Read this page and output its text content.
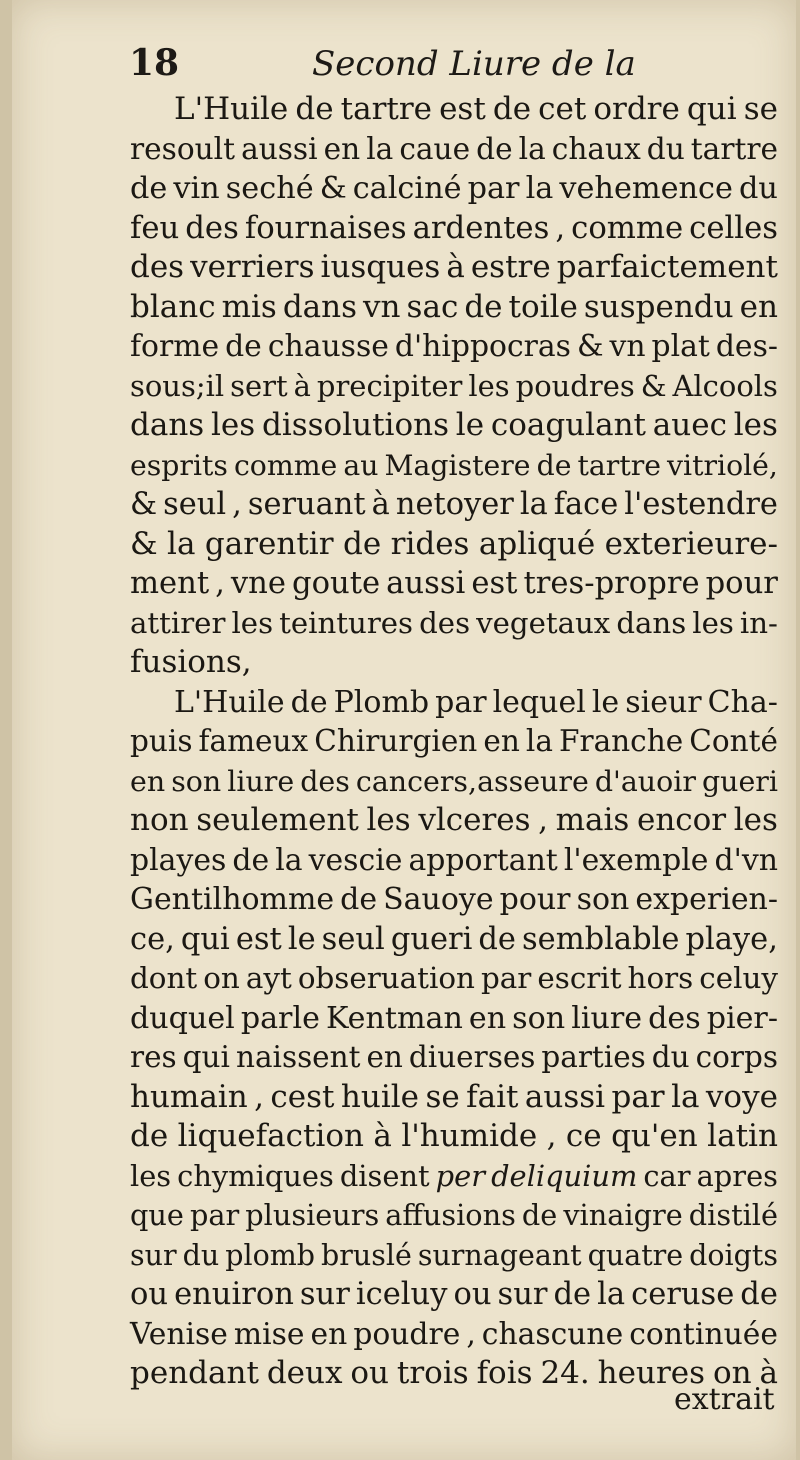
18	Second Liure de la
L'Huile de tartre est de cet ordre qui se
resoult aussi en la caue de la chaux du tartre
de vin seché & calciné par la vehemence du
feu des fournaises ardentes , comme celles
des verriers iusques à estre parfaictement
blanc mis dans vn sac de toile suspendu en
forme de chausse d'hippocras & vn plat des-
sous;il sert à precipiter les poudres & Alcools
dans les dissolutions le coagulant auec les
esprits comme au Magistere de tartre vitriolé,
& seul , seruant à netoyer la face l'estendre
& la garentir de rides apliqué exterieure-
ment , vne goute aussi est tres-propre pour
attirer les teintures des vegetaux dans les in-
fusions,
L'Huile de Plomb par lequel le sieur Cha-
puis fameux Chirurgien en la Franche Conté
en son liure des cancers,asseure d'auoir gueri
non seulement les vlceres , mais encor les
playes de la vescie apportant l'exemple d'vn
Gentilhomme de Sauoye pour son experien-
ce, qui est le seul gueri de semblable playe,
dont on ayt obseruation par escrit hors celuy
duquel parle Kentman en son liure des pier-
res qui naissent en diuerses parties du corps
humain , cest huile se fait aussi par la voye
de liquefaction à l'humide , ce qu'en latin
les chymiques disent per deliquium car apres
que par plusieurs affusions de vinaigre distilé
sur du plomb bruslé surnageant quatre doigts
ou enuiron sur iceluy ou sur de la ceruse de
Venise mise en poudre , chascune continuée
pendant deux ou trois fois 24. heures on à
extrait
